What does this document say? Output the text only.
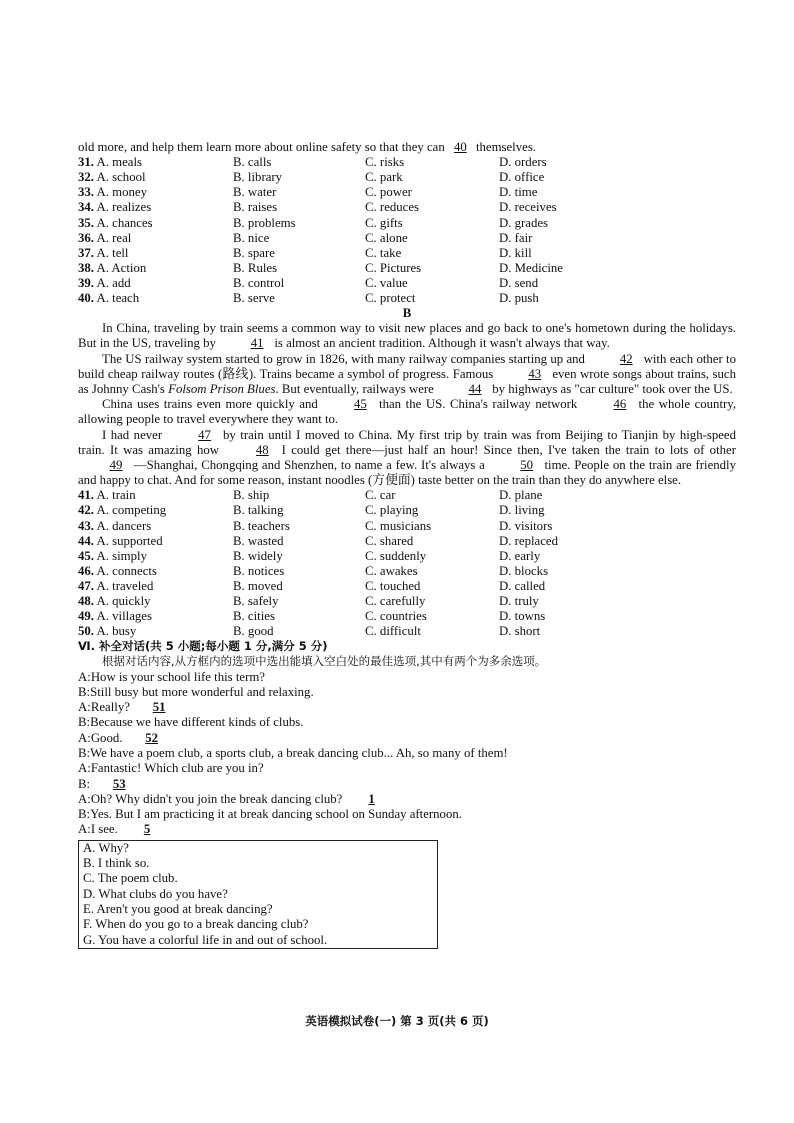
old more, and help them learn more about online safety so that they can 40 themselves.
31. A. meals	B. calls	C. risks	D. orders
32. A. school	B. library	C. park	D. office
33. A. money	B. water	C. power	D. time
34. A. realizes	B. raises	C. reduces	D. receives
35. A. chances	B. problems	C. gifts	D. grades
36. A. real	B. nice	C. alone	D. fair
37. A. tell	B. spare	C. take	D. kill
38. A. Action	B. Rules	C. Pictures	D. Medicine
39. A. add	B. control	C. value	D. send
40. A. teach	B. serve	C. protect	D. push
B
In China, traveling by train seems a common way to visit new places and go back to one's hometown during the holidays. But in the US, traveling by	41 is almost an ancient tradition. Although it wasn't always that way.
The US railway system started to grow in 1826, with many railway companies starting up and	42 with each other to build cheap railway routes (路线). Trains became a symbol of progress. Famous	43 even wrote songs about trains, such as Johnny Cash's Folsom Prison Blues. But eventually, railways were	44 by highways as "car culture" took over the US.
China uses trains even more quickly and	45 than the US. China's railway network	46 the whole country, allowing people to travel everywhere they want to.
I had never	47 by train until I moved to China. My first trip by train was from Beijing to Tianjin by high-speed train. It was amazing how	48 I could get there—just half an hour! Since then, I've taken the train to lots of other 49 —Shanghai, Chongqing and Shenzhen, to name a few. It's always a	50 time. People on the train are friendly and happy to chat. And for some reason, instant noodles (方便面) taste better on the train than they do anywhere else.
41. A. train	B. ship	C. car	D. plane
42. A. competing	B. talking	C. playing	D. living
43. A. dancers	B. teachers	C. musicians	D. visitors
44. A. supported	B. wasted	C. shared	D. replaced
45. A. simply	B. widely	C. suddenly	D. early
46. A. connects	B. notices	C. awakes	D. blocks
47. A. traveled	B. moved	C. touched	D. called
48. A. quickly	B. safely	C. carefully	D. truly
49. A. villages	B. cities	C. countries	D. towns
50. A. busy	B. good	C. difficult	D. short
Ⅵ. 补全对话(共 5 小题;每小题 1 分,满分 5 分)
根据对话内容,从方框内的选项中选出能填入空白处的最佳选项,其中有两个为多余选项。
A:How is your school life this term?
B:Still busy but more wonderful and relaxing.
A:Really? 51
B:Because we have different kinds of clubs.
A:Good. 52
B:We have a poem club, a sports club, a break dancing club... Ah, so many of them!
A:Fantastic! Which club are you in?
B: 53
A:Oh? Why didn't you join the break dancing club? 1
B:Yes. But I am practicing it at break dancing school on Sunday afternoon.
A:I see. 5
A. Why?
B. I think so.
C. The poem club.
D. What clubs do you have?
E. Aren't you good at break dancing?
F. When do you go to a break dancing club?
G. You have a colorful life in and out of school.
英语模拟试卷(一) 第 3 页(共 6 页)
